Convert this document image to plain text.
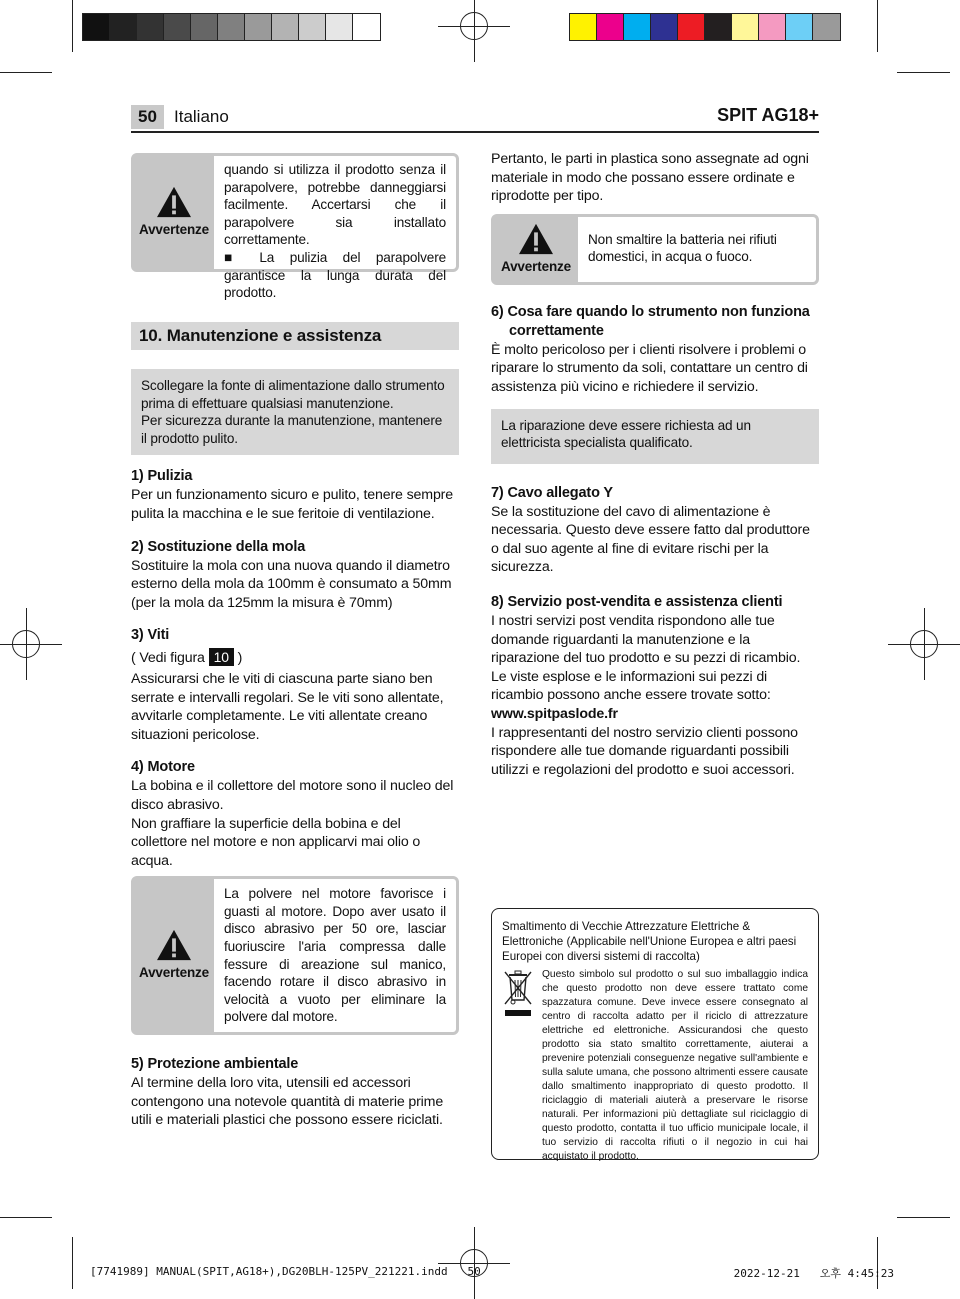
50	Italiano	SPIT AG18+
Avvertenze

quando si utilizza il prodotto senza il parapolvere, potrebbe danneggiarsi facilmente. Accertarsi che il parapolvere sia installato correttamente.

■ La pulizia del parapolvere garantisce la lunga durata del prodotto.

10. Manutenzione e assistenza

Scollegare la fonte di alimentazione dallo strumento prima di effettuare qualsiasi manutenzione.

Per sicurezza durante la manutenzione, mantenere il prodotto pulito.

1) Pulizia

Per un funzionamento sicuro e pulito, tenere sempre pulita la macchina e le sue feritoie di ventilazione.

2) Sostituzione della mola

Sostituire la mola con una nuova quando il diametro esterno della mola da 100mm è consumato a 50mm (per la mola da 125mm la misura è 70mm)

3) Viti

( Vedi figura 10 )

Assicurarsi che le viti di ciascuna parte siano ben serrate e intervalli regolari. Se le viti sono allentate, avvitarle completamente. Le viti allentate creano situazioni pericolose.

4) Motore

La bobina e il collettore del motore sono il nucleo del disco abrasivo.

Non graffiare la superficie della bobina e del collettore nel motore e non applicarvi mai olio o acqua.

Avvertenze
La polvere nel motore favorisce i guasti al motore. Dopo aver usato il disco abrasivo per 50 ore, lasciar fuoriuscire l'aria compressa dalle fessure di areazione sul manico, facendo rotare il disco abrasivo in velocità a vuoto per eliminare la polvere dal motore.
5) Protezione ambientale

Al termine della loro vita, utensili ed accessori contengono una notevole quantità di materie prime utili e materiali plastici che possono essere riciclati.

Pertanto, le parti in plastica sono assegnate ad ogni materiale in modo che possano essere ordinate e riprodotte per tipo.

Avvertenze
Non smaltire la batteria nei rifiuti domestici, in acqua o fuoco.
6) Cosa fare quando lo strumento non funziona correttamente

È molto pericoloso per i clienti risolvere i problemi o riparare lo strumento da soli, contattare un centro di assistenza più vicino e richiedere il servizio.

La riparazione deve essere richiesta ad un elettricista specialista qualificato.
7) Cavo allegato Y

Se la sostituzione del cavo di alimentazione è necessaria. Questo deve essere fatto dal produttore o dal suo agente al fine di evitare rischi per la sicurezza.

8) Servizio post-vendita e assistenza clienti

I nostri servizi post vendita rispondono alle tue domande riguardanti la manutenzione e la riparazione del tuo prodotto e su pezzi di ricambio. Le viste esplose e le informazioni sui pezzi di ricambio possono anche essere trovate sotto:

www.spitpaslode.fr

I rappresentanti del nostro servizio clienti possono rispondere alle tue domande riguardanti possibili utilizzi e regolazioni del prodotto e suoi accessori.

Smaltimento di Vecchie Attrezzature Elettriche & Elettroniche (Applicabile nell'Unione Europea e altri paesi Europei con diversi sistemi di raccolta)

Questo simbolo sul prodotto o sul suo imballaggio indica che questo prodotto non deve essere trattato come spazzatura comune. Deve invece essere consegnato al centro di raccolta adatto per il riciclo di attrezzature elettriche ed elettroniche. Assicurandosi che questo prodotto sia stato smaltito correttamente, aiuterai a prevenire potenziali conseguenze negative sull'ambiente e sulla salute umana, che possono altrimenti essere causate dallo smaltimento inappropriato di questo prodotto. Il riciclaggio di materiali aiuterà a preservare le risorse naturali. Per informazioni più dettagliate sul riciclaggio di questo prodotto, contatta il tuo ufficio municipale locale, il tuo servizio di raccolta rifiuti o il negozio in cui hai acquistato il prodotto.

[7741989] MANUAL(SPIT,AG18+),DG20BLH-125PV_221221.indd   50	2022-12-21   오후 4:45:23
